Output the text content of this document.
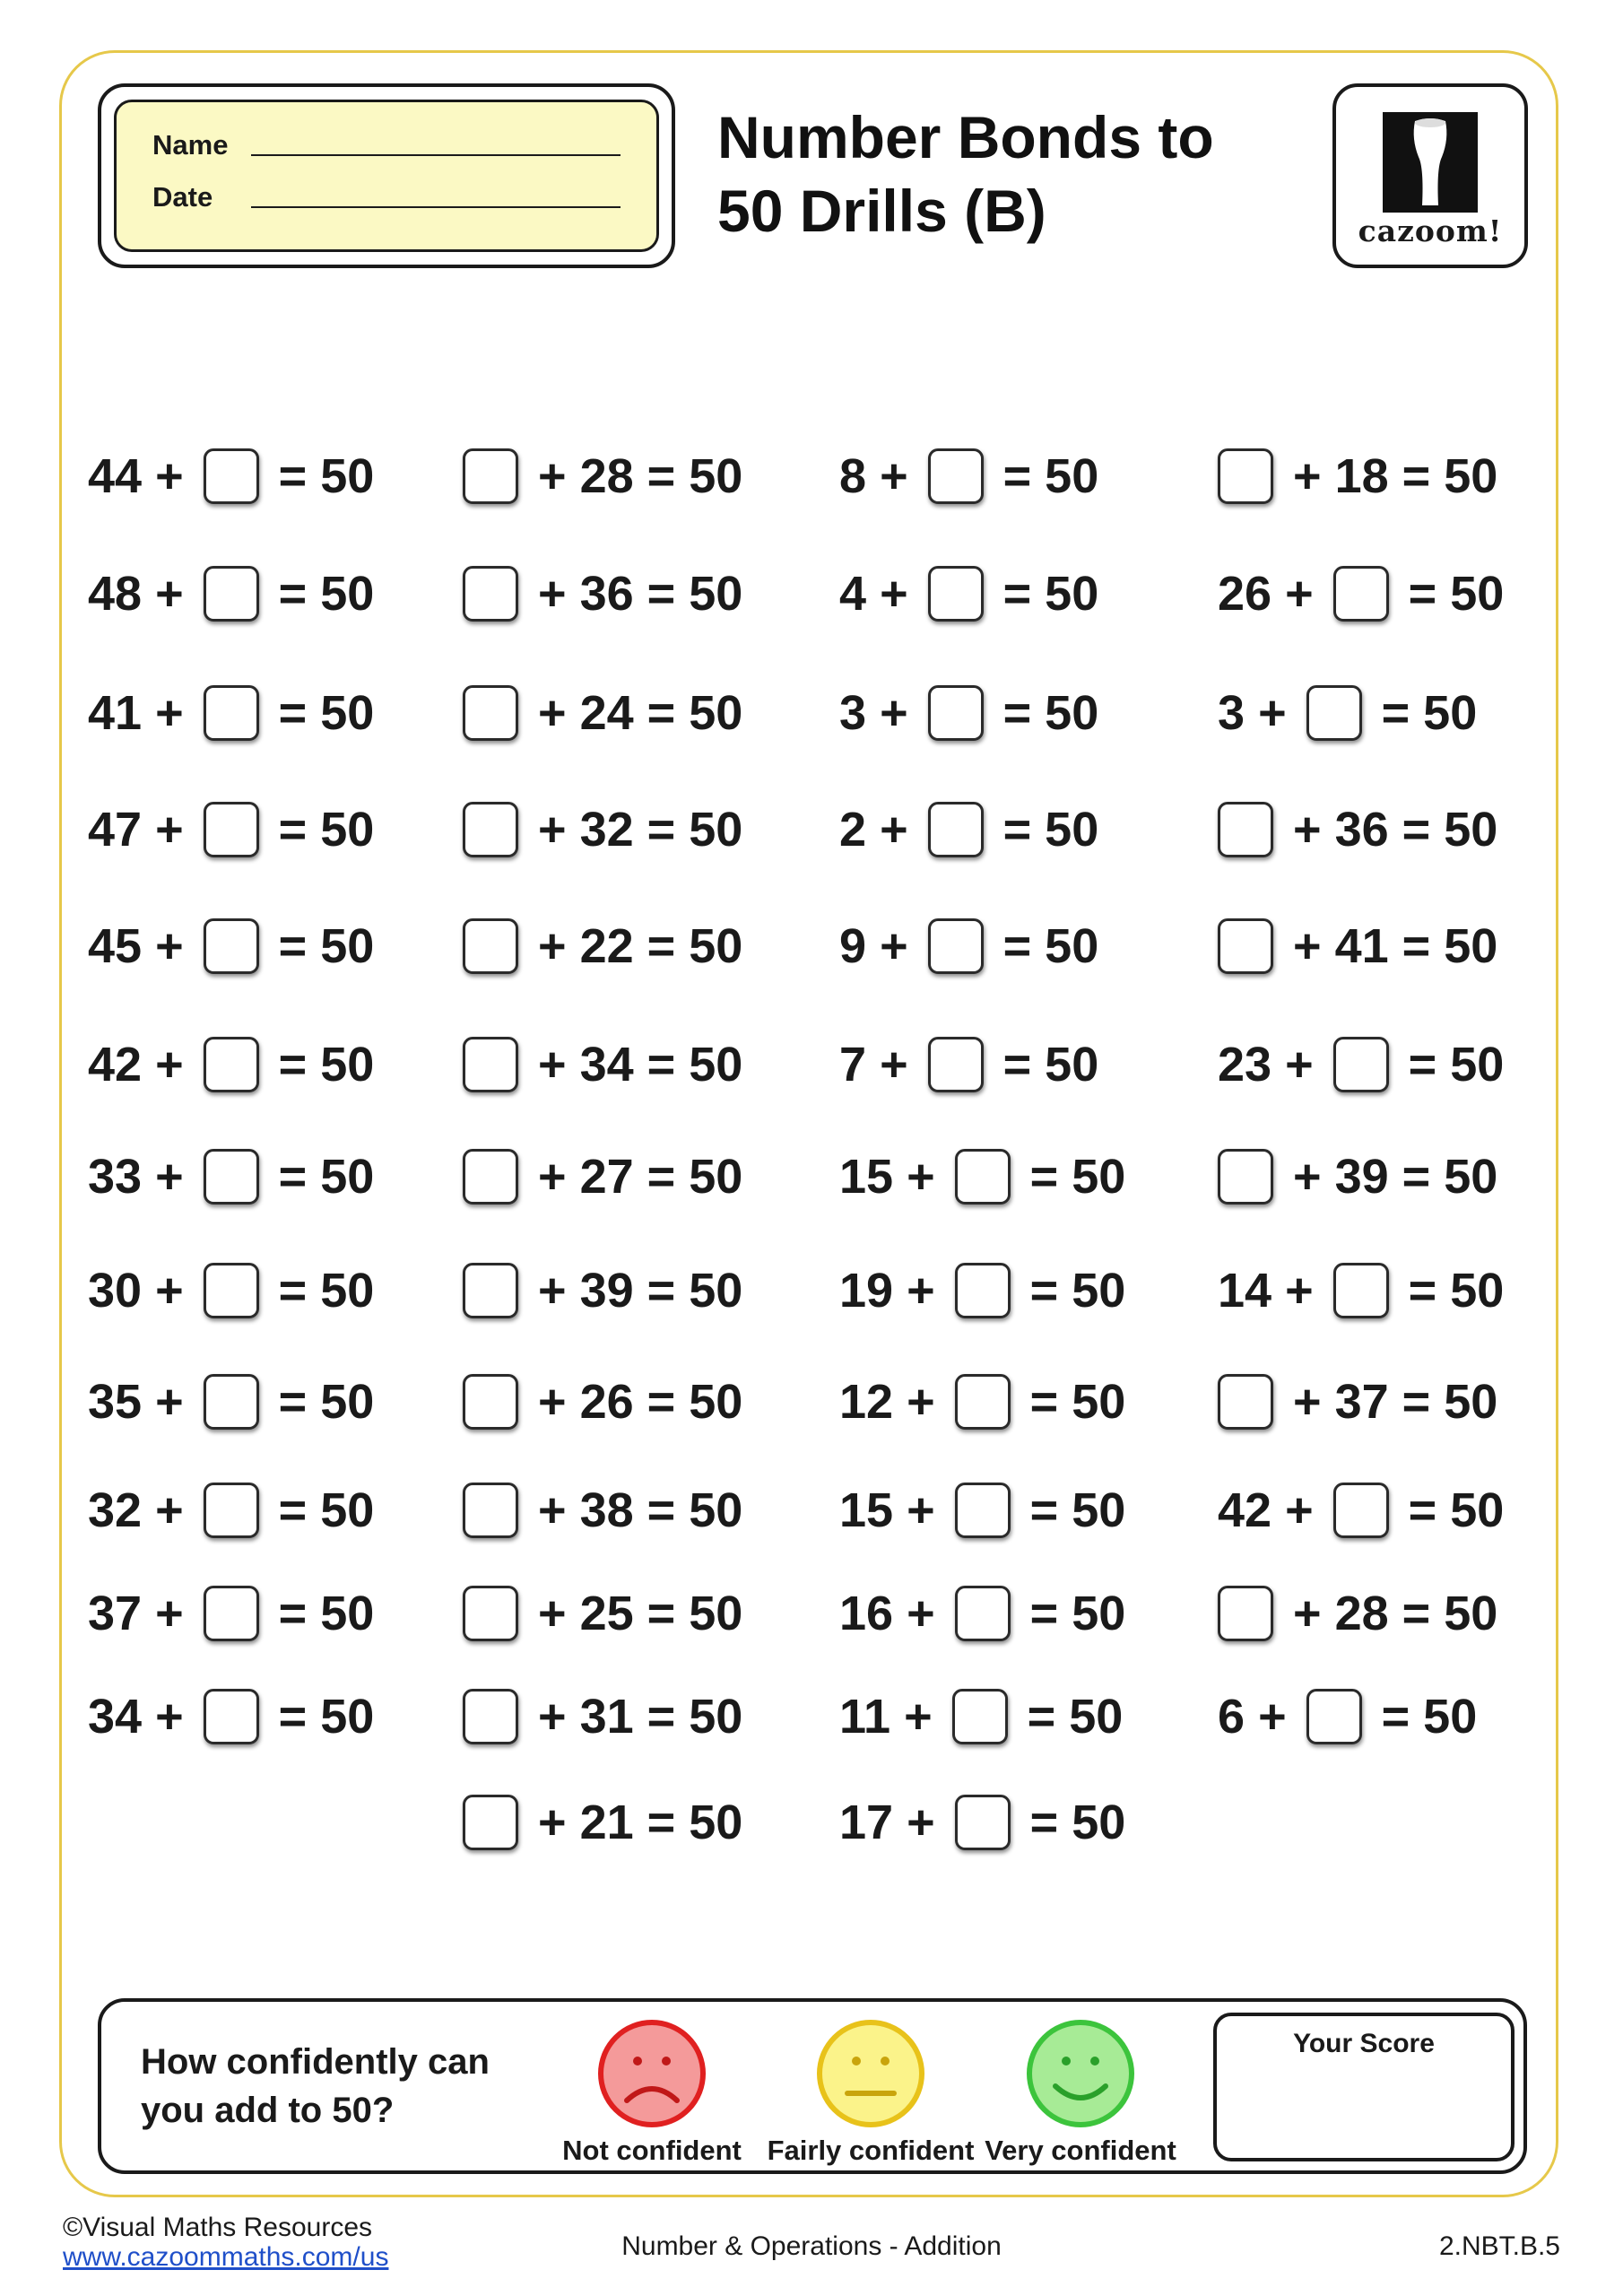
Name
Date
Number Bonds to
50 Drills (B)	cazoom!
44 + = 50
48 + = 50
41 + = 50
47 + = 50
45 + = 50
42 + = 50
33 + = 50
30 + = 50
35 + = 50
32 + = 50
37 + = 50
34 + = 50
+ 28 = 50
+ 36 = 50
+ 24 = 50
+ 32 = 50
+ 22 = 50
+ 34 = 50
+ 27 = 50
+ 39 = 50
+ 26 = 50
+ 38 = 50
+ 25 = 50
+ 31 = 50
+ 21 = 50
8 + = 50
4 + = 50
3 + = 50
2 + = 50
9 + = 50
7 + = 50
15 + = 50
19 + = 50
12 + = 50
15 + = 50
16 + = 50
11 + = 50
17 + = 50
+ 18 = 50
26 + = 50
3 + = 50
+ 36 = 50
+ 41 = 50
23 + = 50
+ 39 = 50
14 + = 50
+ 37 = 50
42 + = 50
+ 28 = 50
6 + = 50
How confidently can
you add to 50?
Not confident Fairly confident Very confident
Your Score
©Visual Maths Resources
www.cazoommaths.com/us	Number & Operations - Addition	2.NBT.B.5
